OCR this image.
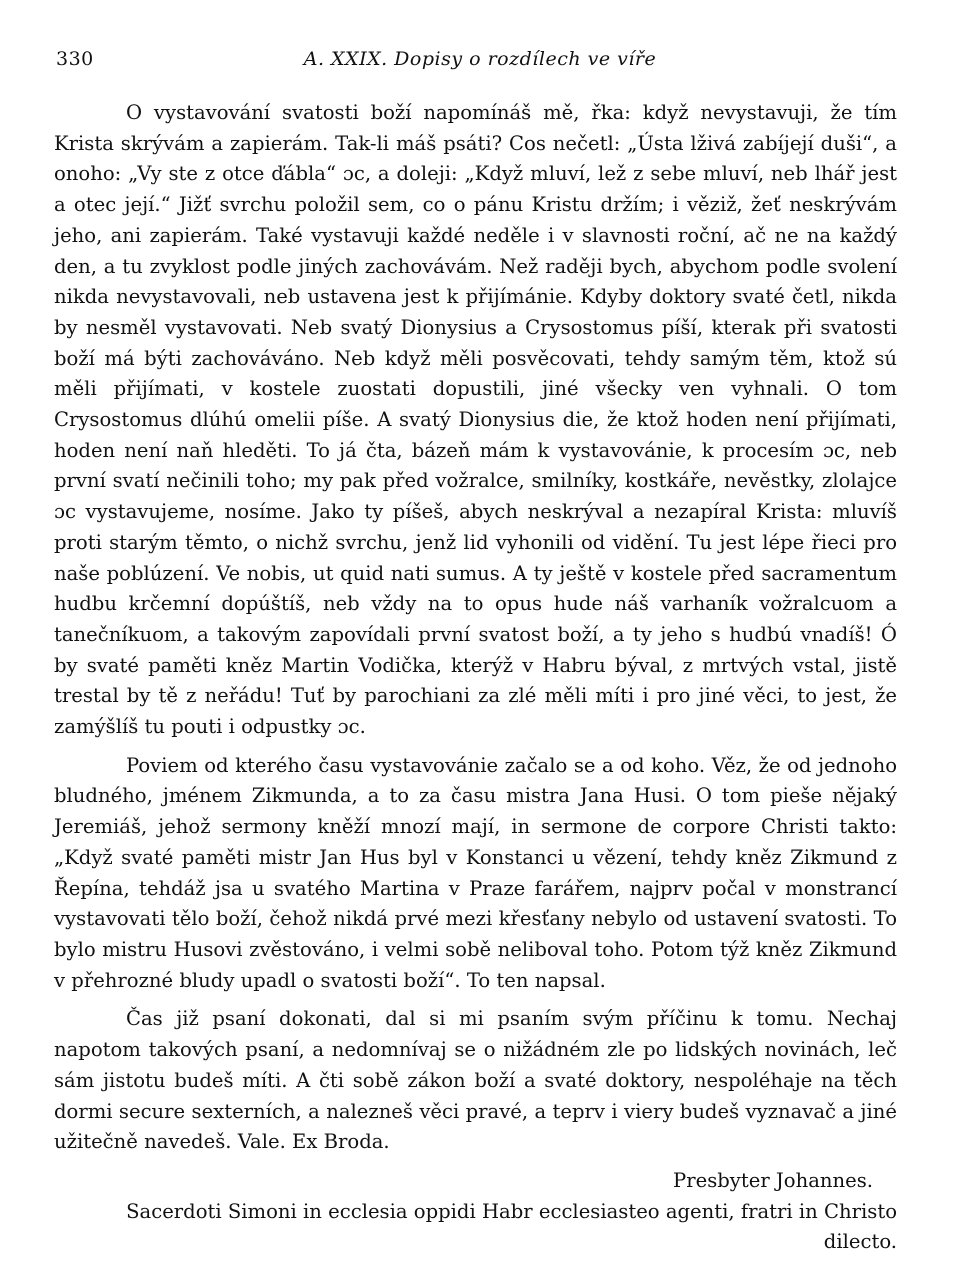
330	A. XXIX. Dopisy o rozdílech ve víře

O vystavování svatosti boží napomínáš mě, řka: když nevystavuji, že tím Krista skrývám a zapierám. Tak-li máš psáti? Cos nečetl: „Ústa lživá zabíjejí duši“, a onoho: „Vy ste z otce ďábla“ ɔc, a doleji: „Když mluví, lež z sebe mluví, neb lhář jest a otec její.“ Jižť svrchu položil sem, co o pánu Kristu držím; i věziž, žeť neskrývám jeho, ani zapierám. Také vystavuji každé neděle i v slavnosti roční, ač ne na každý den, a tu zvyklost podle jiných zachovávám. Než raději bych, abychom podle svolení nikda nevystavovali, neb ustavena jest k přijímánie. Kdyby doktory svaté četl, nikda by nesměl vystavovati. Neb svatý Dionysius a Crysostomus píší, kterak při svatosti boží má býti zachováváno. Neb když měli posvěcovati, tehdy samým těm, ktož sú měli přijímati, v kostele zuostati dopustili, jiné všecky ven vyhnali. O tom Crysostomus dlúhú omelii píše. A svatý Dionysius die, že ktož hoden není přijímati, hoden není naň hleděti. To já čta, bázeň mám k vystavovánie, k procesím ɔc, neb první svatí nečinili toho; my pak před vožralce, smilníky, kostkáře, nevěstky, zlolajce ɔc vystavujeme, nosíme. Jako ty píšeš, abych neskrýval a nezapíral Krista: mluvíš proti starým těmto, o nichž svrchu, jenž lid vyhonili od vidění. Tu jest lépe řieci pro naše poblúzení. Ve nobis, ut quid nati sumus. A ty ještě v kostele před sacramentum hudbu krčemní dopúštíš, neb vždy na to opus hude náš varhaník vožralcuom a tanečníkuom, a takovým zapovídali první svatost boží, a ty jeho s hudbú vnadíš! Ó by svaté paměti kněz Martin Vodička, kterýž v Habru býval, z mrtvých vstal, jistě trestal by tě z neřádu! Tuť by parochiani za zlé měli míti i pro jiné věci, to jest, že zamýšlíš tu pouti i odpustky ɔc.

Poviem od kterého času vystavovánie začalo se a od koho. Věz, že od jednoho bludného, jménem Zikmunda, a to za času mistra Jana Husi. O tom pieše nějaký Jeremiáš, jehož sermony kněží mnozí mají, in sermone de corpore Christi takto: „Když svaté paměti mistr Jan Hus byl v Konstanci u vězení, tehdy kněz Zikmund z Řepína, tehdáž jsa u svatého Martina v Praze farářem, najprv počal v monstrancí vystavovati tělo boží, čehož nikdá prvé mezi křesťany nebylo od ustavení svatosti. To bylo mistru Husovi zvěstováno, i velmi sobě neliboval toho. Potom týž kněz Zikmund v přehrozné bludy upadl o svatosti boží“. To ten napsal.

Čas již psaní dokonati, dal si mi psaním svým příčinu k tomu. Nechaj napotom takových psaní, a nedomnívaj se o nižádném zle po lidských novinách, leč sám jistotu budeš míti. A čti sobě zákon boží a svaté doktory, nespoléhaje na těch dormi secure sexterních, a nalezneš věci pravé, a teprv i viery budeš vyznavač a jiné užitečně navedeš. Vale. Ex Broda.

Presbyter Johannes.

Sacerdoti Simoni in ecclesia oppidi Habr ecclesiasteo agenti, fratri in Christo dilecto.
